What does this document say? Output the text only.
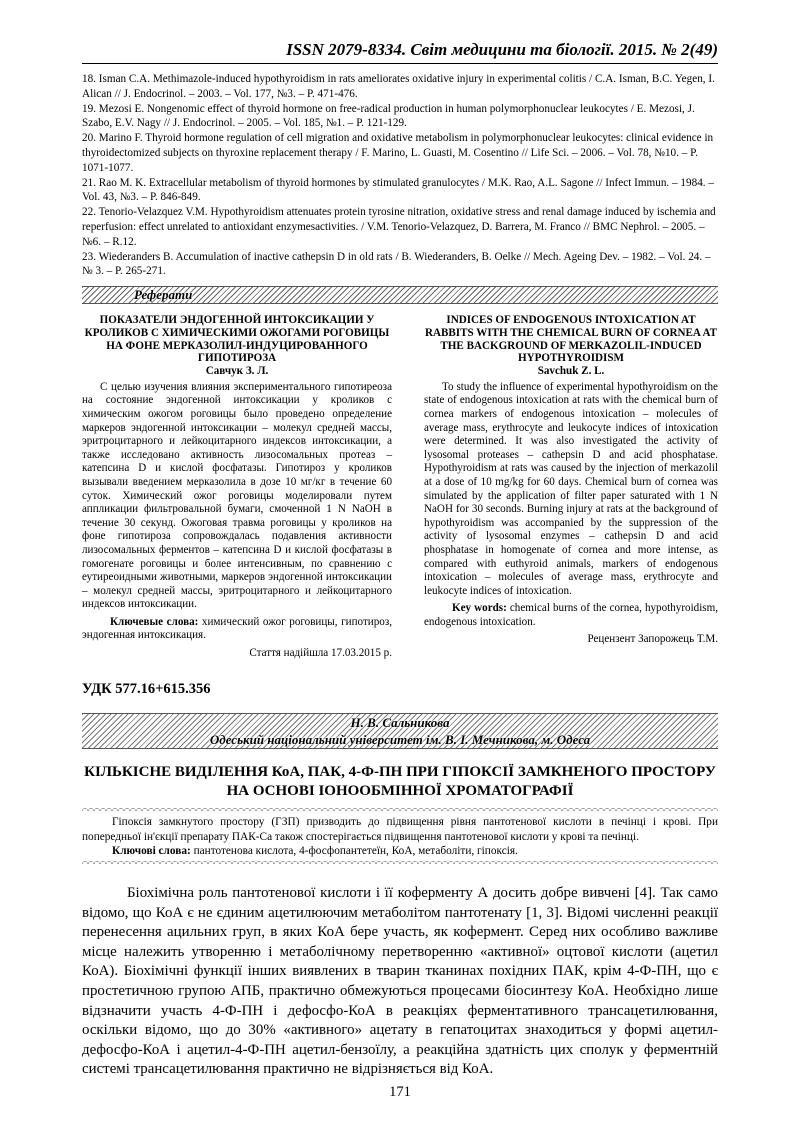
ISSN 2079-8334. Світ медицини та біології. 2015. № 2(49)

18. Isman C.A. Methimazole-induced hypothyroidism in rats ameliorates oxidative injury in experimental colitis / C.A. Isman, B.C. Yegen, I. Alican // J. Endocrinol. – 2003. – Vol. 177, №3. – P. 471-476.

19. Mezosi E. Nongenomic effect of thyroid hormone on free-radical production in human polymorphonuclear leukocytes / E. Mezosi, J. Szabo, E.V. Nagy // J. Endocrinol. – 2005. – Vol. 185, №1. – P. 121-129.

20. Marino F. Thyroid hormone regulation of cell migration and oxidative metabolism in polymorphonuclear leukocytes: clinical evidence in thyroidectomized subjects on thyroxine replacement therapy / F. Marino, L. Guasti, M. Cosentino // Life Sci. – 2006. – Vol. 78, №10. – P. 1071-1077.

21. Rao M. K. Extracellular metabolism of thyroid hormones by stimulated granulocytes / M.K. Rao, A.L. Sagone // Infect Immun. – 1984. – Vol. 43, №3. – P. 846-849.

22. Tenorio-Velazquez V.M. Hypothyroidism attenuates protein tyrosine nitration, oxidative stress and renal damage induced by ischemia and reperfusion: effect unrelated to antioxidant enzymesactivities. / V.M. Tenorio-Velazquez, D. Barrera, M. Franco // BMC Nephrol. – 2005. – №6. – R.12.

23. Wiederanders B. Accumulation of inactive cathepsin D in old rats / B. Wiederanders, B. Oelke // Mech. Ageing Dev. – 1982. – Vol. 24. – № 3. – P. 265-271.

Реферати
ПОКАЗАТЕЛИ ЭНДОГЕННОЙ ИНТОКСИКАЦИИ У КРОЛИКОВ С ХИМИЧЕСКИМИ ОЖОГАМИ РОГОВИЦЫ НА ФОНЕ МЕРКАЗОЛИЛ-ИНДУЦИРОВАННОГО ГИПОТИРОЗА
Савчук З. Л.

С целью изучения влияния экспериментального гипотиреоза на состояние эндогенной интоксикации у кроликов с химическим ожогом роговицы было проведено определение маркеров эндогенной интоксикации – молекул средней массы, эритроцитарного и лейкоцитарного индексов интоксикации, а также исследовано активность лизосомальных протеаз – катепсина D и кислой фосфатазы. Гипотироз у кроликов вызывали введением мерказолила в дозе 10 мг/кг в течение 60 суток. Химический ожог роговицы моделировали путем аппликации фильтровальной бумаги, смоченной 1 N NaOH в течение 30 секунд. Ожоговая травма роговицы у кроликов на фоне гипотироза сопровождалась подавления активности лизосомальных ферментов – катепсина D и кислой фосфатазы в гомогенате роговицы и более интенсивным, по сравнению с еутиреоидными животными, маркеров эндогенной интоксикации – молекул средней массы, эритроцитарного и лейкоцитарного индексов интоксикации.

Ключевые слова: химический ожог роговицы, гипотироз, эндогенная интоксикация.

Стаття надійшла 17.03.2015 р.
INDICES OF ENDOGENOUS INTOXICATION AT RABBITS WITH THE CHEMICAL BURN OF CORNEA AT THE BACKGROUND OF MERKAZOLIL-INDUCED HYPOTHYROIDISM
Savchuk Z. L.

To study the influence of experimental hypothyroidism on the state of endogenous intoxication at rats with the chemical burn of cornea markers of endogenous intoxication – molecules of average mass, erythrocyte and leukocyte indices of intoxication were determined. It was also investigated the activity of lysosomal proteases – cathepsin D and acid phosphatase. Hypothyroidism at rats was caused by the injection of merkazolil at a dose of 10 mg/kg for 60 days. Chemical burn of cornea was simulated by the application of filter paper saturated with 1 N NaOH for 30 seconds. Burning injury at rats at the background of hypothyroidism was accompanied by the suppression of the activity of lysosomal enzymes – cathepsin D and acid phosphatase in homogenate of cornea and more intense, as compared with euthyroid animals, markers of endogenous intoxication – molecules of average mass, erythrocyte and leukocyte indices of intoxication.

Key words: chemical burns of the cornea, hypothyroidism, endogenous intoxication.

Рецензент Запорожець Т.М.
УДК 577.16+615.356
Н. В. Сальникова
Одеський національний університет ім. В. І. Мечникова, м. Одеса
КІЛЬКІСНЕ ВИДІЛЕННЯ КоА, ПАК, 4-Ф-ПН ПРИ ГІПОКСІЇ ЗАМКНЕНОГО ПРОСТОРУ
НА ОСНОВІ ІОНООБМІННОЇ ХРОМАТОГРАФІЇ

Гіпоксія замкнутого простору (ГЗП) призводить до підвищення рівня пантотенової кислоти в печінці і крові. При попередньої ін'єкції препарату ПАК-Са також спостерігається підвищення пантотенової кислоти у крові та печінці.

Ключові слова: пантотенова кислота, 4-фосфопантетеїн, КоА, метаболіти, гіпоксія.

Біохімічна роль пантотенової кислоти і її коферменту А досить добре вивчені [4]. Так само відомо, що КоА є не єдиним ацетилюючим метаболітом пантотенату [1, 3]. Відомі численні реакції перенесення ацильних груп, в яких КоА бере участь, як кофермент. Серед них особливо важливе місце належить утворенню і метаболічному перетворенню «активної» оцтової кислоти (ацетил КоА). Біохімічні функції інших виявлених в тварин тканинах похідних ПАК, крім 4-Ф-ПН, що є простетичною групою АПБ, практично обмежуються процесами біосинтезу КоА. Необхідно лише відзначити участь 4-Ф-ПН і дефосфо-КоА в реакціях ферментативного трансацетилювання, оскільки відомо, що до 30% «активного» ацетату в гепатоцитах знаходиться у формі ацетил-дефосфо-КоА і ацетил-4-Ф-ПН ацетил-бензоїлу, а реакційна здатність цих сполук у ферментній системі трансацетилювання практично не відрізняється від КоА.

171
